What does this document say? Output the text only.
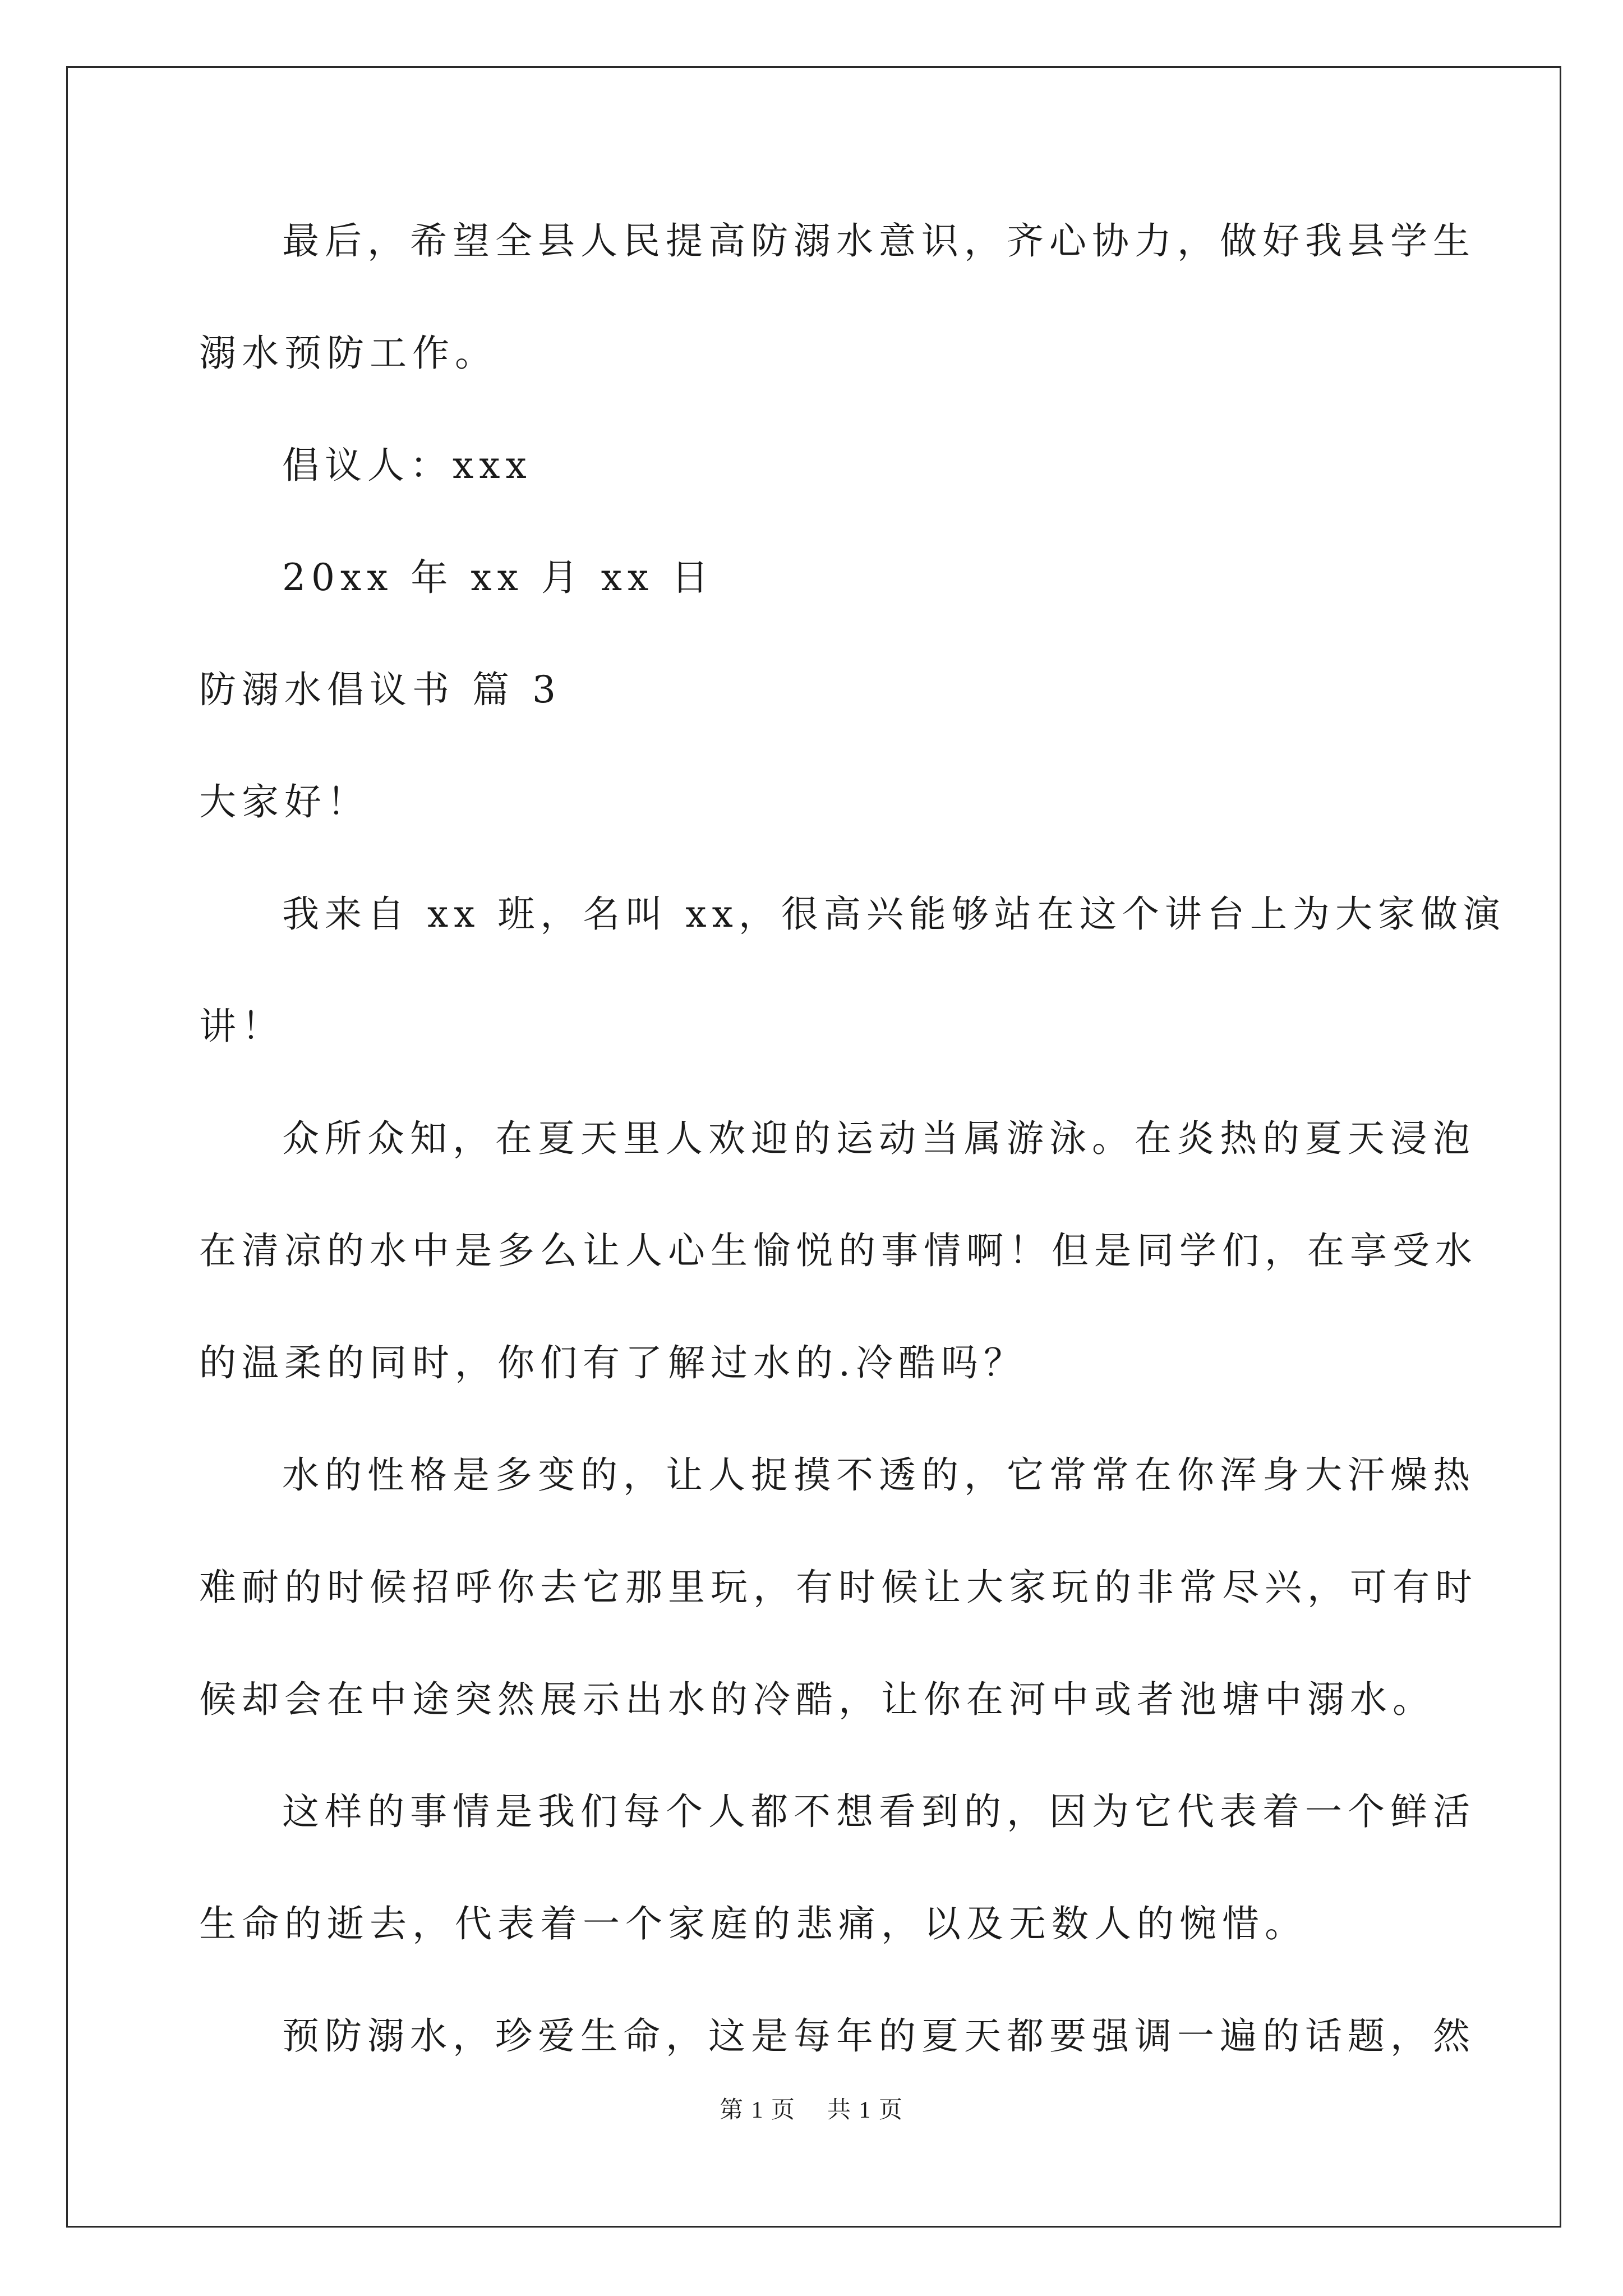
最后，希望全县人民提高防溺水意识，齐心协力，做好我县学生
溺水预防工作。
倡议人：xxx
20xx 年 xx 月 xx 日
防溺水倡议书 篇 3
大家好！
我来自 xx 班，名叫 xx，很高兴能够站在这个讲台上为大家做演
讲！
众所众知，在夏天里人欢迎的运动当属游泳。在炎热的夏天浸泡
在清凉的水中是多么让人心生愉悦的事情啊！但是同学们，在享受水
的温柔的同时，你们有了解过水的.冷酷吗？
水的性格是多变的，让人捉摸不透的，它常常在你浑身大汗燥热
难耐的时候招呼你去它那里玩，有时候让大家玩的非常尽兴，可有时
候却会在中途突然展示出水的冷酷，让你在河中或者池塘中溺水。
这样的事情是我们每个人都不想看到的，因为它代表着一个鲜活
生命的逝去，代表着一个家庭的悲痛，以及无数人的惋惜。
预防溺水，珍爱生命，这是每年的夏天都要强调一遍的话题，然
第 1 页 共 1 页
